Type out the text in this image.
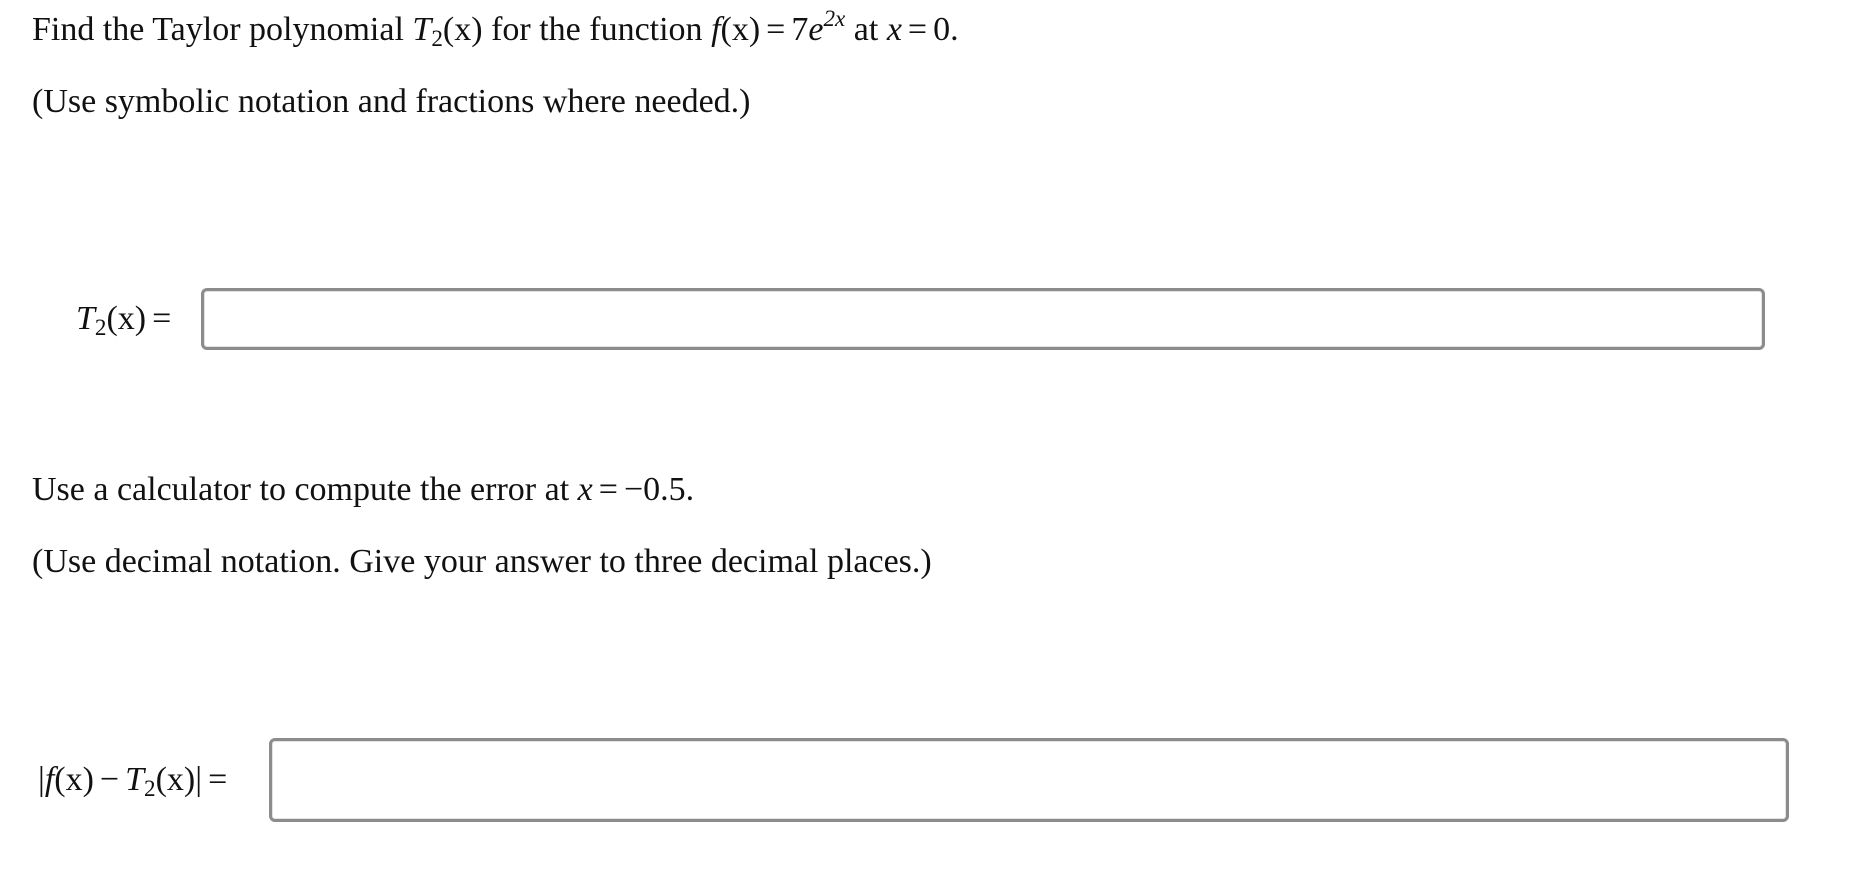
Find the Taylor polynomial $T_2(x)$ for the function $f(x) = 7e^{2x}$ at x = 0.
(Use symbolic notation and fractions where needed.)
$T_2(x)$ =
Use a calculator to compute the error at x = −0.5.
(Use decimal notation. Give your answer to three decimal places.)
$|f(x) - T_2(x)|$ =
